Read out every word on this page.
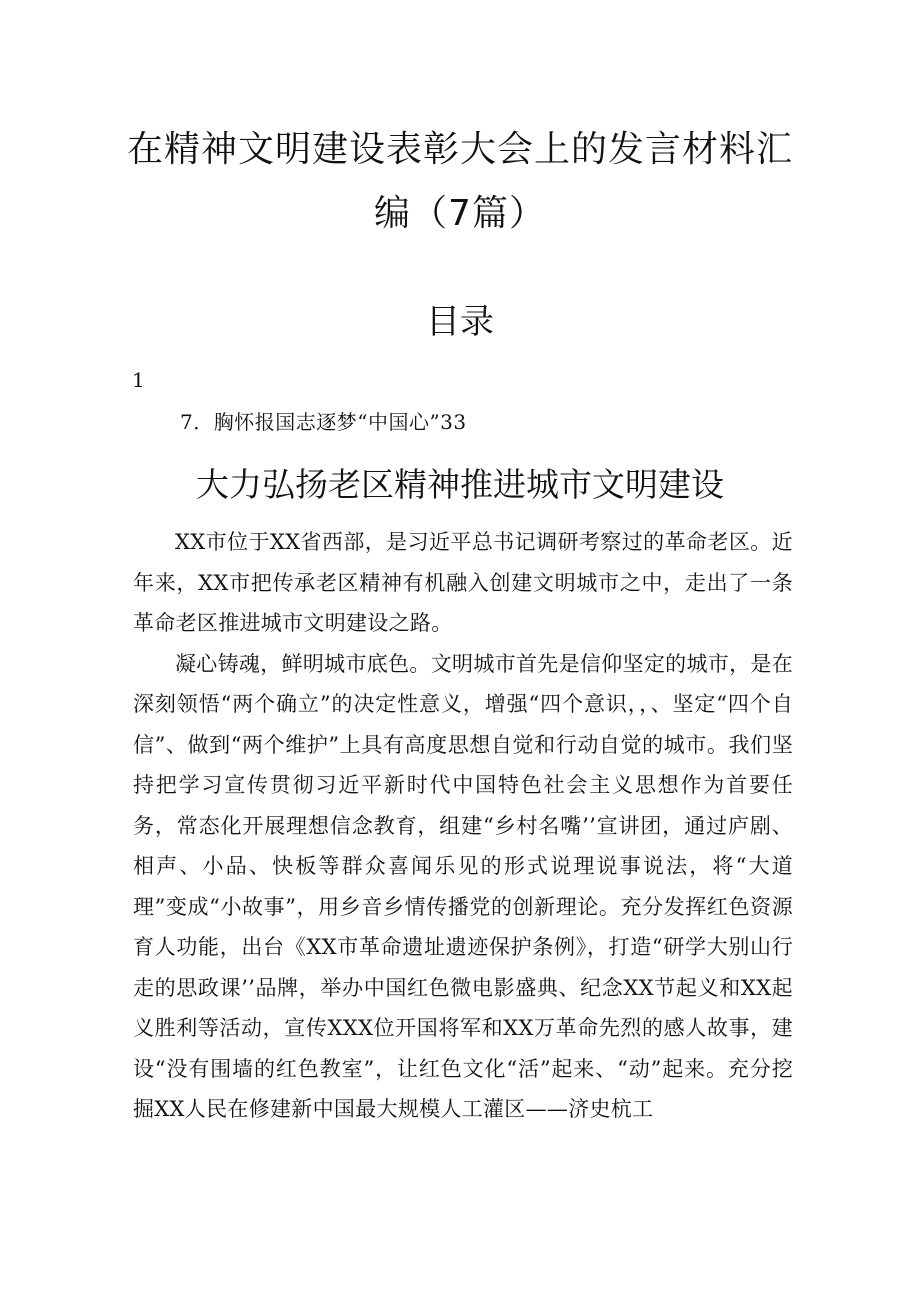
在精神文明建设表彰大会上的发言材料汇
编（7篇）
目录
1
7．胸怀报国志逐梦“中国心”33
大力弘扬老区精神推进城市文明建设

XX市位于XX省西部，是习近平总书记调研考察过的革命老区。近年来，XX市把传承老区精神有机融入创建文明城市之中，走出了一条革命老区推进城市文明建设之路。

凝心铸魂，鲜明城市底色。文明城市首先是信仰坚定的城市，是在深刻领悟“两个确立”的决定性意义，增强“四个意识，，、坚定“四个自信”、做到“两个维护”上具有高度思想自觉和行动自觉的城市。我们坚持把学习宣传贯彻习近平新时代中国特色社会主义思想作为首要任务，常态化开展理想信念教育，组建“乡村名嘴’’宣讲团，通过庐剧、相声、小品、快板等群众喜闻乐见的形式说理说事说法，将“大道理”变成“小故事”，用乡音乡情传播党的创新理论。充分发挥红色资源育人功能，出台《XX市革命遗址遗迹保护条例》，打造“研学大别山行走的思政课’’品牌，举办中国红色微电影盛典、纪念XX节起义和XX起义胜利等活动，宣传XXX位开国将军和XX万革命先烈的感人故事，建设“没有围墙的红色教室”，让红色文化“活”起来、“动”起来。充分挖掘XX人民在修建新中国最大规模人工灌区——济史杭工
